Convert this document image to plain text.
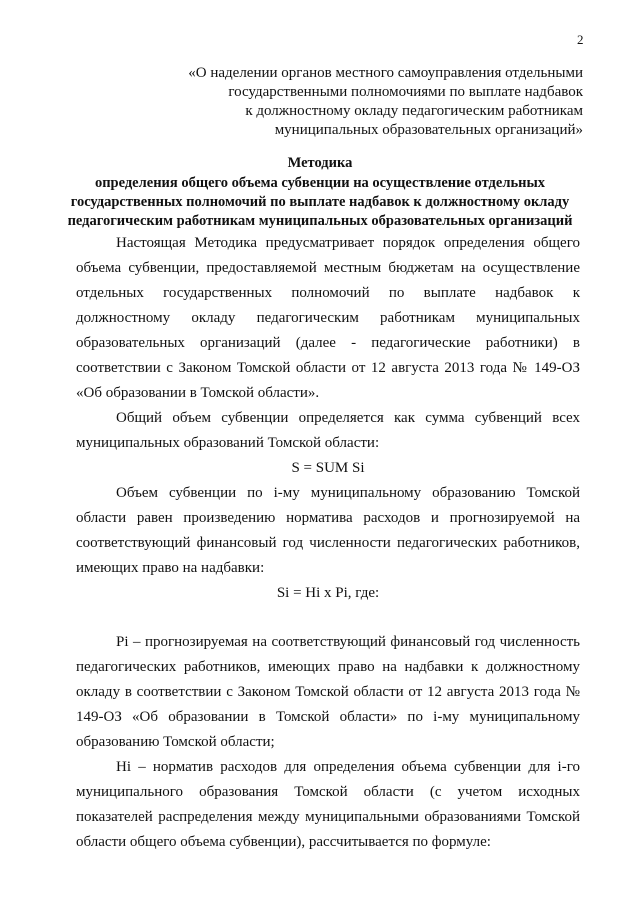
2
«О наделении органов местного самоуправления отдельными
государственными полномочиями по выплате надбавок
к должностному окладу педагогическим работникам
муниципальных образовательных организаций»
Методика
определения общего объема субвенции на осуществление отдельных
государственных полномочий по выплате надбавок к должностному окладу
педагогическим работникам муниципальных образовательных организаций

Настоящая Методика предусматривает порядок определения общего объема субвенции, предоставляемой местным бюджетам на осуществление отдельных государственных полномочий по выплате надбавок к должностному окладу педагогическим работникам муниципальных образовательных организаций (далее - педагогические работники) в соответствии с Законом Томской области от 12 августа 2013 года № 149-ОЗ «Об образовании в Томской области».

Общий объем субвенции определяется как сумма субвенций всех муниципальных образований Томской области:

S = SUM Si

Объем субвенции по i-му муниципальному образованию Томской области равен произведению норматива расходов и прогнозируемой на соответствующий финансовый год численности педагогических работников, имеющих право на надбавки:

Si = Hi x Pi, где:

Pi – прогнозируемая на соответствующий финансовый год численность педагогических работников, имеющих право на надбавки к должностному окладу в соответствии с Законом Томской области от 12 августа 2013 года № 149-ОЗ «Об образовании в Томской области» по i-му муниципальному образованию Томской области;

Hi – норматив расходов для определения объема субвенции для i-го муниципального образования Томской области (с учетом исходных показателей распределения между муниципальными образованиями Томской области общего объема субвенции), рассчитывается по формуле:
